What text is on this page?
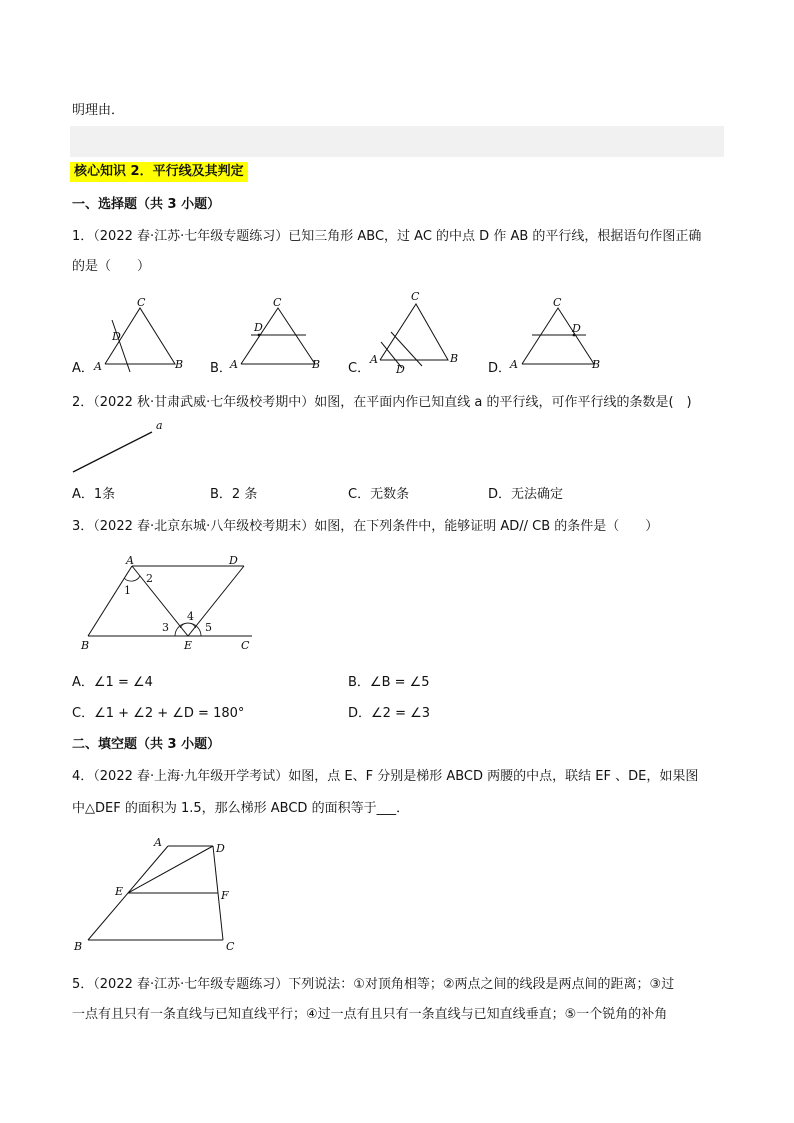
明理由．
核心知识 2．平行线及其判定
一、选择题（共 3 小题）
1．（2022 春·江苏·七年级专题练习）已知三角形 ABC，过 AC 的中点 D 作 AB 的平行线，根据语句作图正确
的是（　　）
A．	B．	C．	D．
C
D
A	B
C
D
A	B
C
D
A	B
C
D
A	B
2．（2022 秋·甘肃武威·七年级校考期中）如图，在平面内作已知直线 a 的平行线，可作平行线的条数是(　)
a
A．1条	B．2 条	C．无数条	D．无法确定
3．（2022 春·北京东城·八年级校考期末）如图，在下列条件中，能够证明 AD// CB 的条件是（　　）
A	D
B	E	C
1
2
3
4
5
A．∠1 = ∠4	B．∠B = ∠5
C．∠1 + ∠2 + ∠D = 180°	D．∠2 = ∠3
二、填空题（共 3 小题）
4．（2022 春·上海·九年级开学考试）如图，点 E、F 分别是梯形 ABCD 两腰的中点，联结 EF 、DE，如果图
中△DEF 的面积为 1.5，那么梯形 ABCD 的面积等于___．
A	D
E	F
B	C
5．（2022 春·江苏·七年级专题练习）下列说法：①对顶角相等；②两点之间的线段是两点间的距离；③过
一点有且只有一条直线与已知直线平行；④过一点有且只有一条直线与已知直线垂直；⑤一个锐角的补角
